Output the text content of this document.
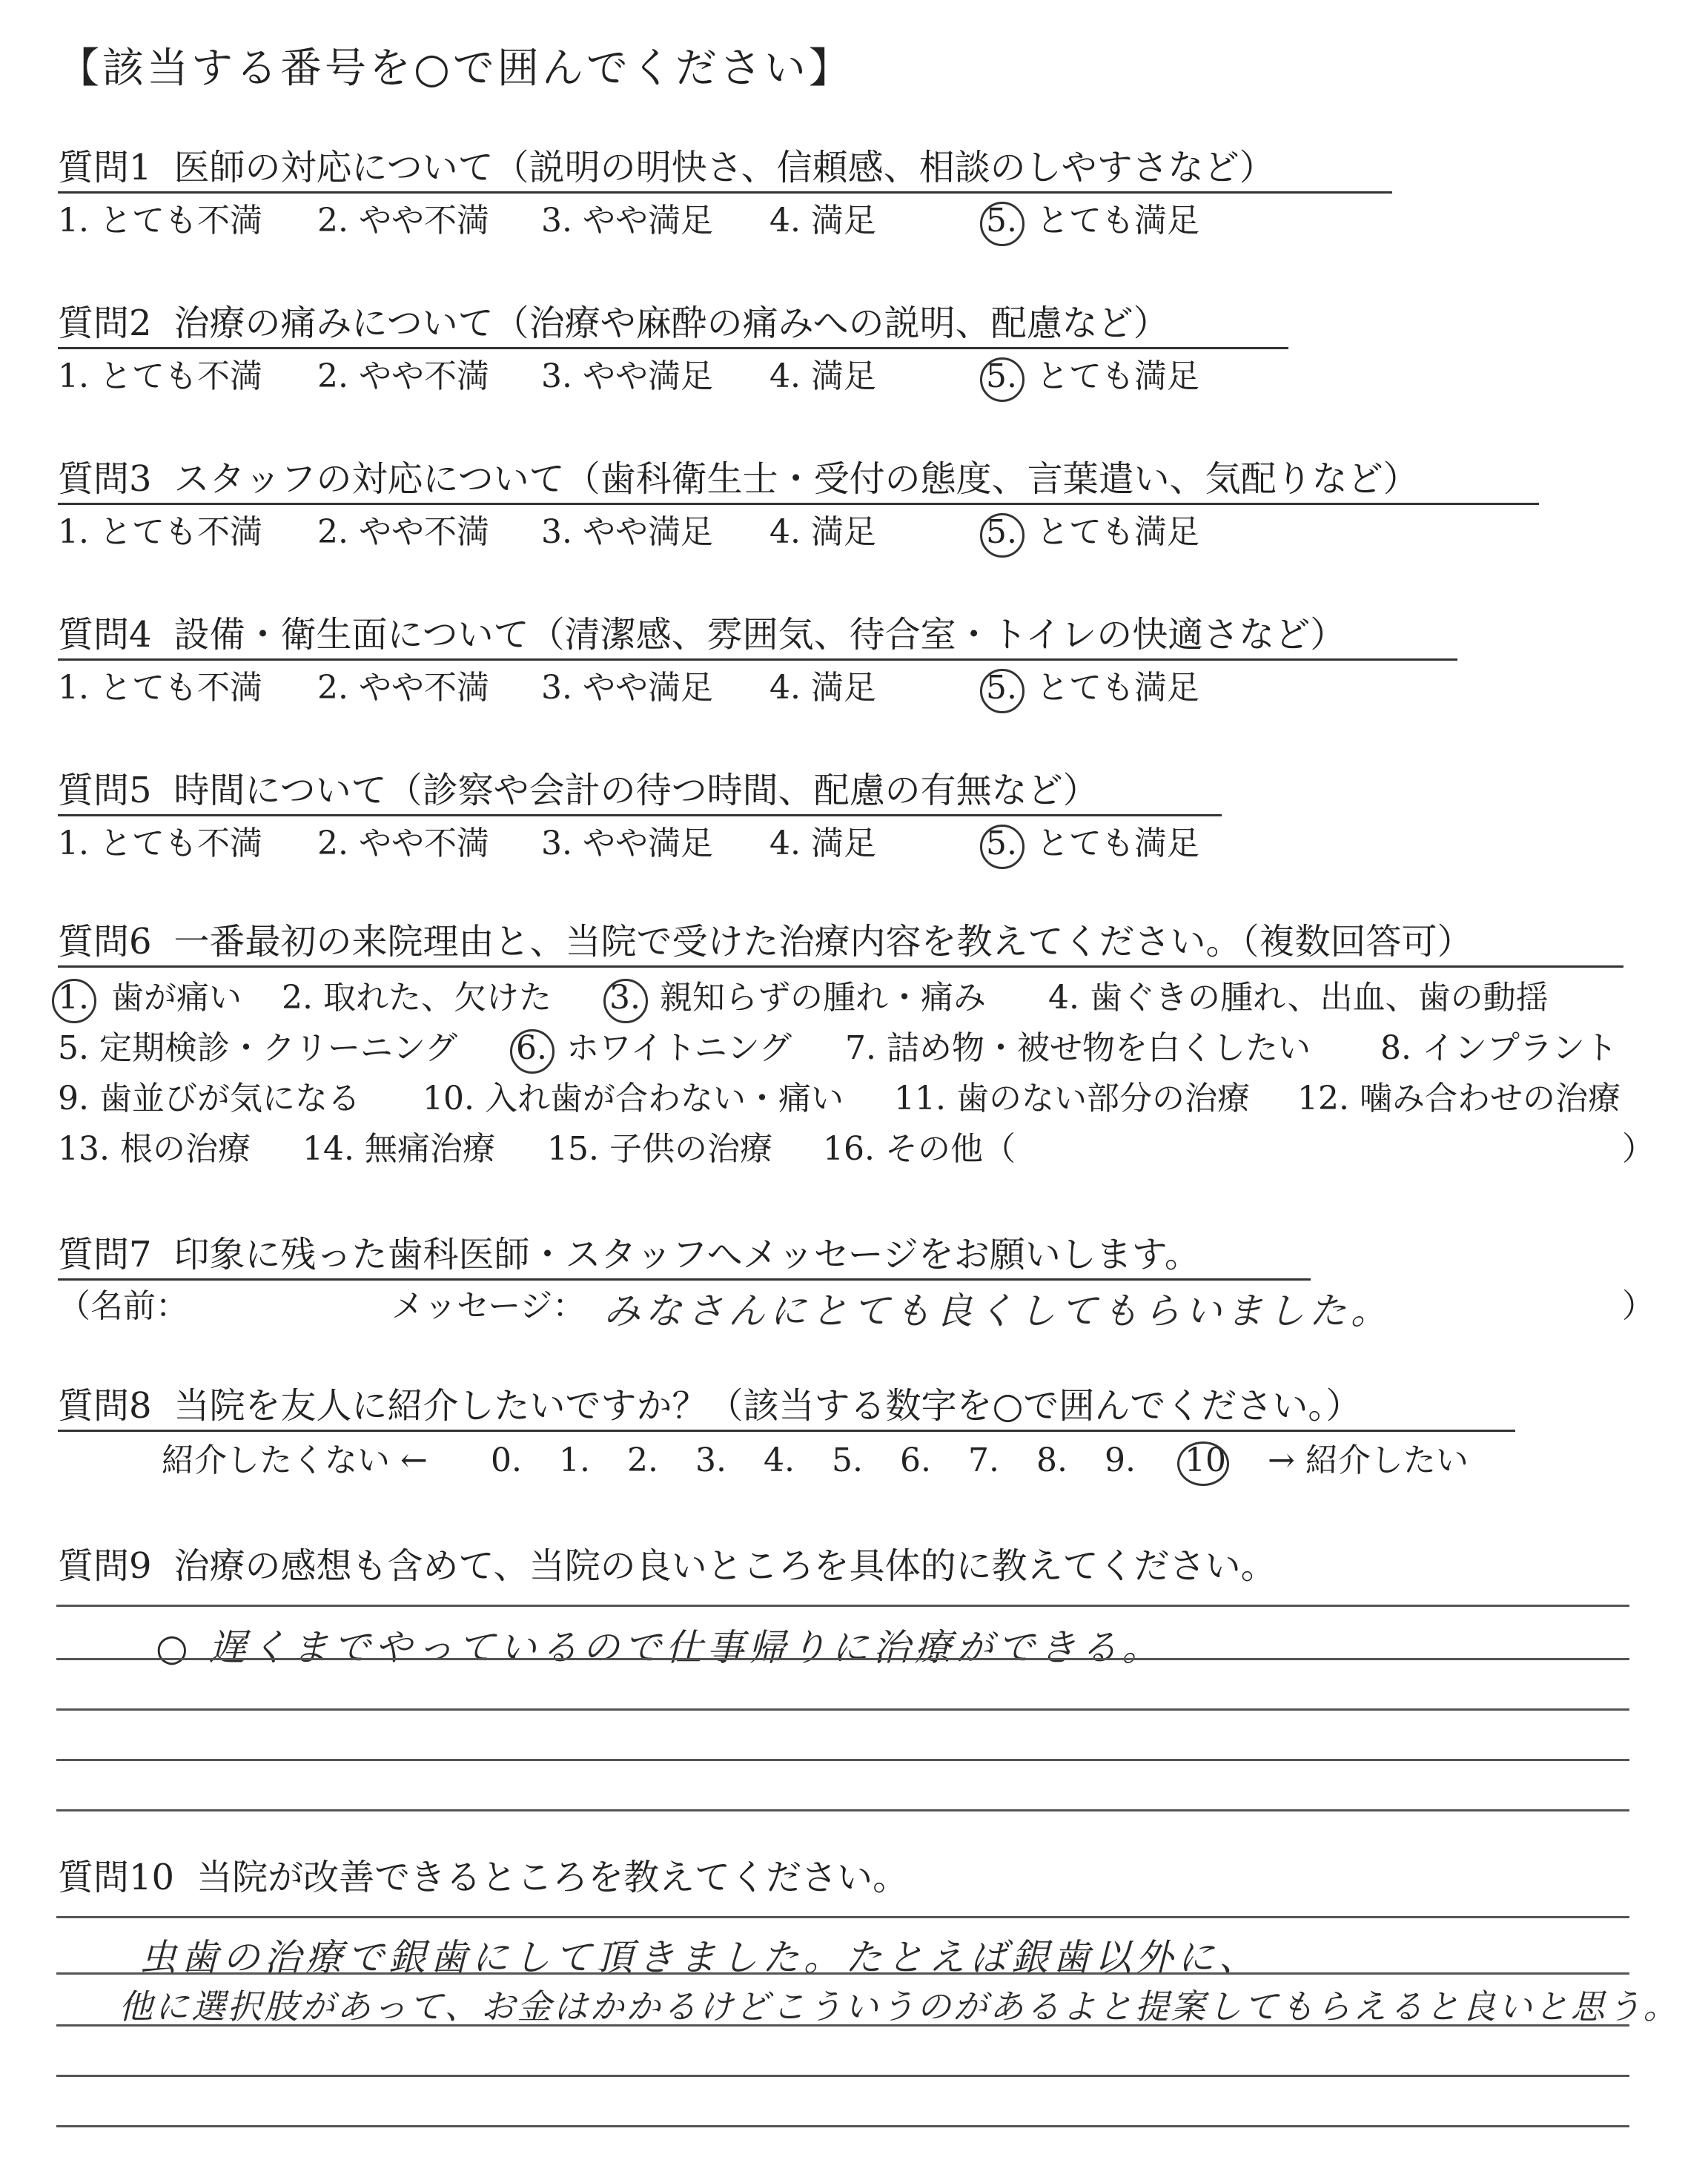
【該当する番号を○で囲んでください】
質問1 医師の対応について（説明の明快さ、信頼感、相談のしやすさなど）
1. とても不満 2. やや不満 3. やや満足 4. 満足	5. とても満足
質問2 治療の痛みについて（治療や麻酔の痛みへの説明、配慮など）
1. とても不満 2. やや不満 3. やや満足 4. 満足	5. とても満足
質問3 スタッフの対応について（歯科衛生士・受付の態度、言葉遣い、気配りなど）
1. とても不満 2. やや不満 3. やや満足 4. 満足	5. とても満足
質問4 設備・衛生面について（清潔感、雰囲気、待合室・トイレの快適さなど）
1. とても不満 2. やや不満 3. やや満足 4. 満足	5. とても満足
質問5 時間について（診察や会計の待つ時間、配慮の有無など）
1. とても不満 2. やや不満 3. やや満足 4. 満足	5. とても満足
質問6 一番最初の来院理由と、当院で受けた治療内容を教えてください。（複数回答可）
1. 歯が痛い 2. 取れた、欠けた 3. 親知らずの腫れ・痛み 4. 歯ぐきの腫れ、出血、歯の動揺
5. 定期検診・クリーニング 6. ホワイトニング 7. 詰め物・被せ物を白くしたい 8. インプラント
9. 歯並びが気になる 10. 入れ歯が合わない・痛い 11. 歯のない部分の治療 12. 噛み合わせの治療
13. 根の治療 14. 無痛治療 15. 子供の治療 16. その他（	）
質問7 印象に残った歯科医師・スタッフへメッセージをお願いします。
（名前：	メッセージ： みなさんにとても良くしてもらいました。	）
質問8 当院を友人に紹介したいですか？（該当する数字を○で囲んでください。）
紹介したくない ← 0. 1. 2. 3. 4. 5. 6. 7. 8. 9. 10 → 紹介したい
質問9 治療の感想も含めて、当院の良いところを具体的に教えてください。
○ 遅くまでやっているので仕事帰りに治療ができる。
質問10 当院が改善できるところを教えてください。
虫歯の治療で銀歯にして頂きました。たとえば銀歯以外に、
他に選択肢があって、お金はかかるけどこういうのがあるよと提案してもらえると良いと思う。
